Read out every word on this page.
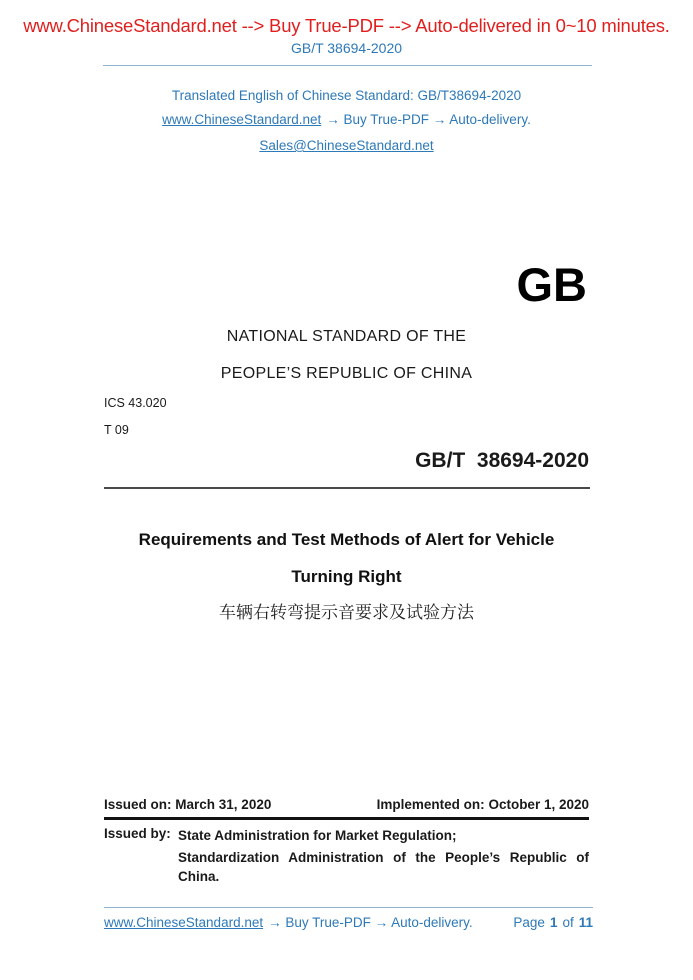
www.ChineseStandard.net --> Buy True-PDF --> Auto-delivered in 0~10 minutes.
GB/T 38694-2020
Translated English of Chinese Standard: GB/T38694-2020
www.ChineseStandard.net → Buy True-PDF → Auto-delivery.
Sales@ChineseStandard.net
GB
NATIONAL STANDARD OF THE
PEOPLE’S REPUBLIC OF CHINA
ICS 43.020
T 09
GB/T  38694-2020
Requirements and Test Methods of Alert for Vehicle
Turning Right
车辆右转弯提示音要求及试验方法
Issued on: March 31, 2020	Implemented on: October 1, 2020
Issued by: State Administration for Market Regulation;
Standardization Administration of the People’s Republic of
China.
www.ChineseStandard.net → Buy True-PDF → Auto-delivery.	Page 1 of 11
